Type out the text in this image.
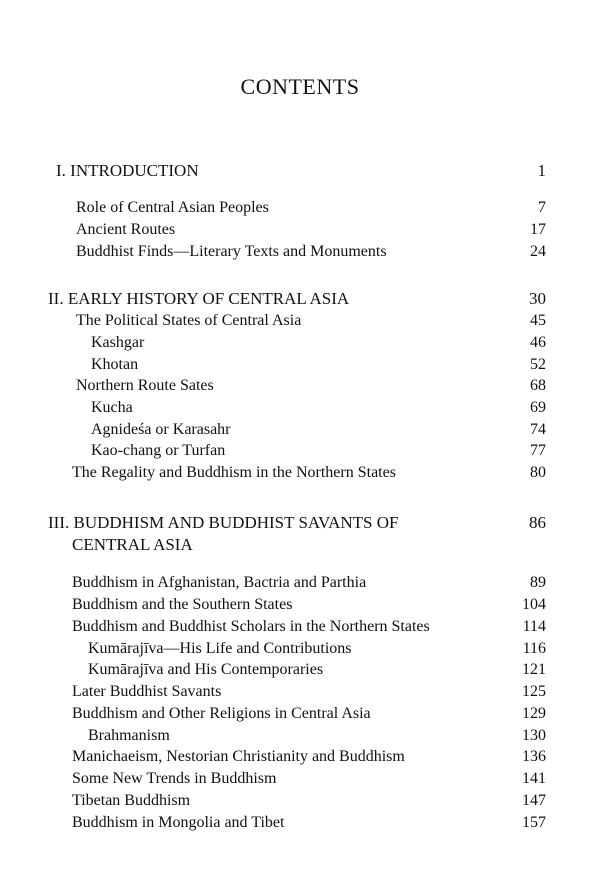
CONTENTS
I. INTRODUCTION	1
Role of Central Asian Peoples	7
Ancient Routes	17
Buddhist Finds—Literary Texts and Monuments	24
II. EARLY HISTORY OF CENTRAL ASIA	30
The Political States of Central Asia	45
Kashgar	46
Khotan	52
Northern Route Sates	68
Kucha	69
Agnideśa or Karasahr	74
Kao-chang or Turfan	77
The Regality and Buddhism in the Northern States	80
III. BUDDHISM AND BUDDHIST SAVANTS OF	86
CENTRAL ASIA
Buddhism in Afghanistan, Bactria and Parthia	89
Buddhism and the Southern States	104
Buddhism and Buddhist Scholars in the Northern States	114
Kumārajīva—His Life and Contributions	116
Kumārajīva and His Contemporaries	121
Later Buddhist Savants	125
Buddhism and Other Religions in Central Asia	129
Brahmanism	130
Manichaeism, Nestorian Christianity and Buddhism	136
Some New Trends in Buddhism	141
Tibetan Buddhism	147
Buddhism in Mongolia and Tibet	157
